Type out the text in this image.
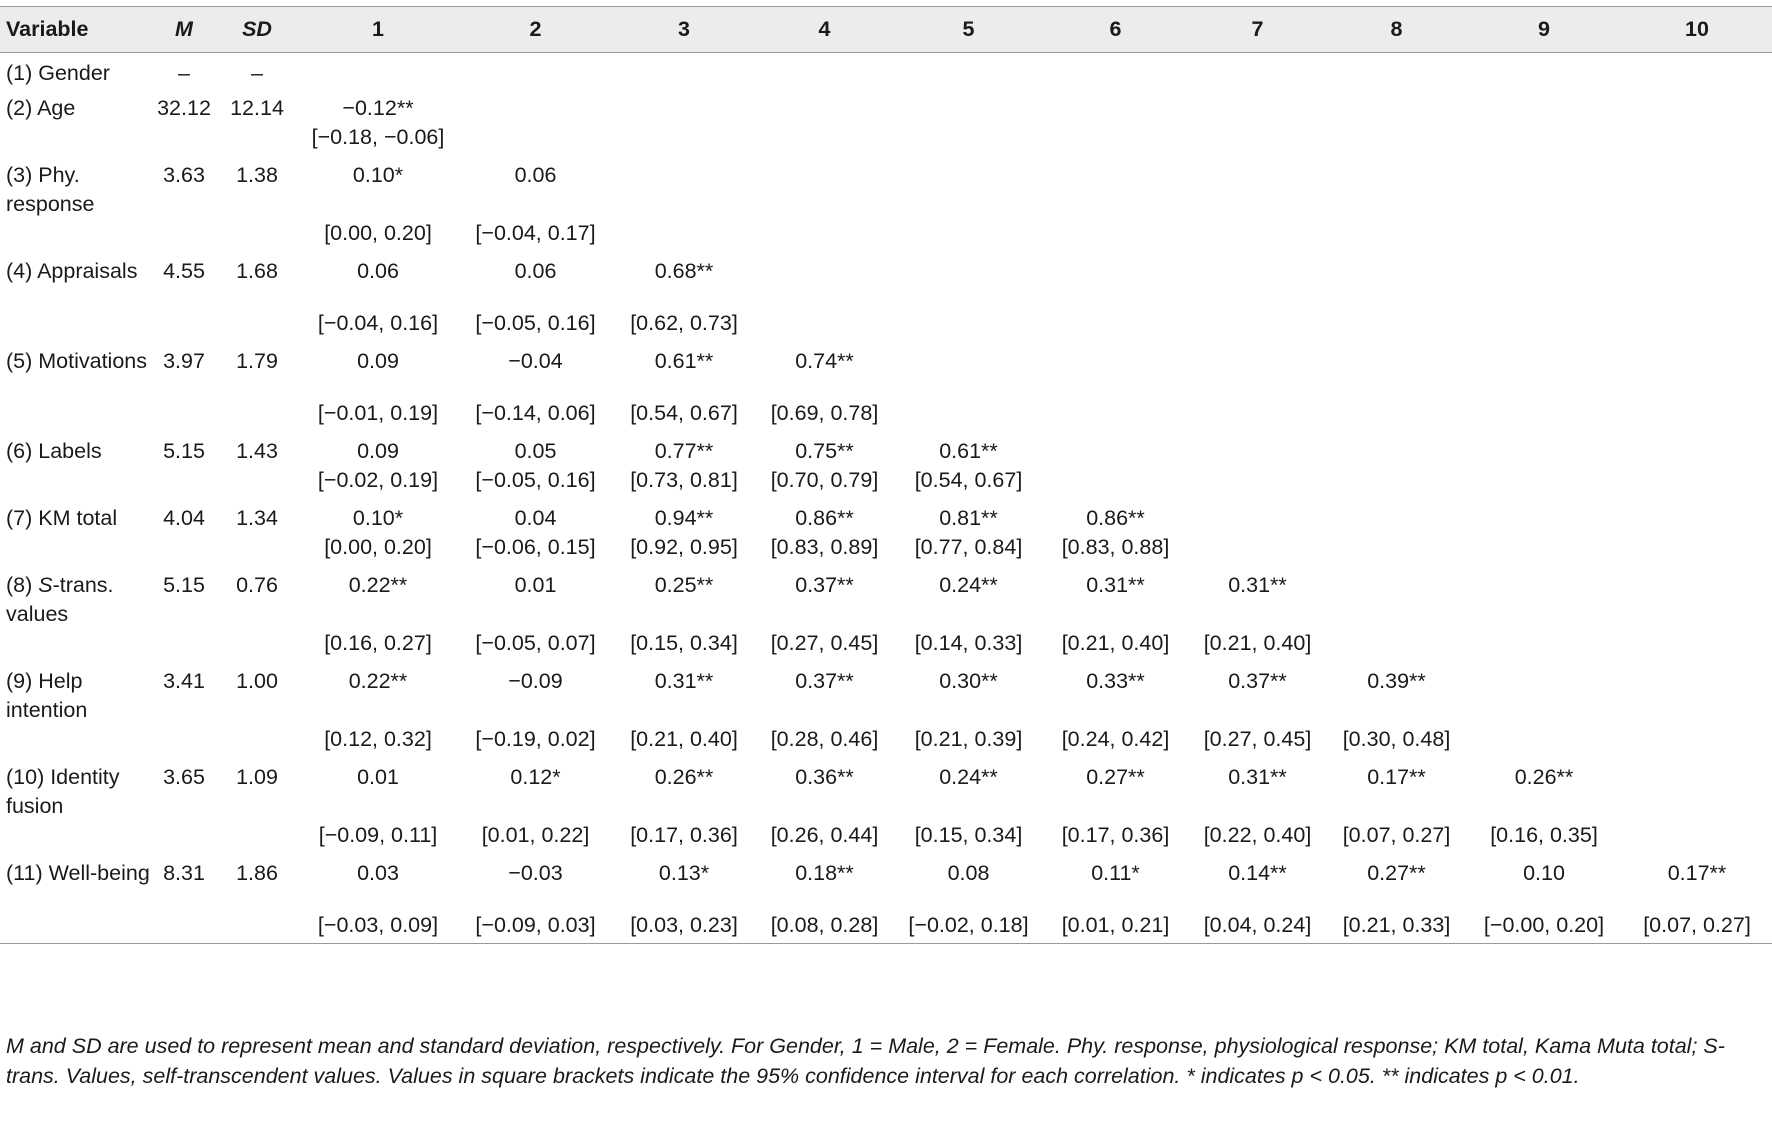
Variable	M	SD	1	2	3	4	5	6	7	8	9	10
(1) Gender	–	–										
(2) Age	32.12	12.14	−0.12**									
			[−0.18, −0.06]									
(3) Phy. response	3.63	1.38	0.10*	0.06								
			[0.00, 0.20]	[−0.04, 0.17]								
(4) Appraisals	4.55	1.68	0.06	0.06	0.68**							
			[−0.04, 0.16]	[−0.05, 0.16]	[0.62, 0.73]							
(5) Motivations	3.97	1.79	0.09	−0.04	0.61**	0.74**						
			[−0.01, 0.19]	[−0.14, 0.06]	[0.54, 0.67]	[0.69, 0.78]						
(6) Labels	5.15	1.43	0.09	0.05	0.77**	0.75**	0.61**					
			[−0.02, 0.19]	[−0.05, 0.16]	[0.73, 0.81]	[0.70, 0.79]	[0.54, 0.67]					
(7) KM total	4.04	1.34	0.10*	0.04	0.94**	0.86**	0.81**	0.86**				
			[0.00, 0.20]	[−0.06, 0.15]	[0.92, 0.95]	[0.83, 0.89]	[0.77, 0.84]	[0.83, 0.88]				
(8) S-trans. values	5.15	0.76	0.22**	0.01	0.25**	0.37**	0.24**	0.31**	0.31**			
			[0.16, 0.27]	[−0.05, 0.07]	[0.15, 0.34]	[0.27, 0.45]	[0.14, 0.33]	[0.21, 0.40]	[0.21, 0.40]			
(9) Help intention	3.41	1.00	0.22**	−0.09	0.31**	0.37**	0.30**	0.33**	0.37**	0.39**		
			[0.12, 0.32]	[−0.19, 0.02]	[0.21, 0.40]	[0.28, 0.46]	[0.21, 0.39]	[0.24, 0.42]	[0.27, 0.45]	[0.30, 0.48]		
(10) Identity fusion	3.65	1.09	0.01	0.12*	0.26**	0.36**	0.24**	0.27**	0.31**	0.17**	0.26**	
			[−0.09, 0.11]	[0.01, 0.22]	[0.17, 0.36]	[0.26, 0.44]	[0.15, 0.34]	[0.17, 0.36]	[0.22, 0.40]	[0.07, 0.27]	[0.16, 0.35]	
(11) Well-being	8.31	1.86	0.03	−0.03	0.13*	0.18**	0.08	0.11*	0.14**	0.27**	0.10	0.17**
			[−0.03, 0.09]	[−0.09, 0.03]	[0.03, 0.23]	[0.08, 0.28]	[−0.02, 0.18]	[0.01, 0.21]	[0.04, 0.24]	[0.21, 0.33]	[−0.00, 0.20]	[0.07, 0.27]

M and SD are used to represent mean and standard deviation, respectively. For Gender, 1 = Male, 2 = Female. Phy. response, physiological response; KM total, Kama Muta total; S-trans. Values, self-transcendent values. Values in square brackets indicate the 95% confidence interval for each correlation. * indicates p < 0.05. ** indicates p < 0.01.
